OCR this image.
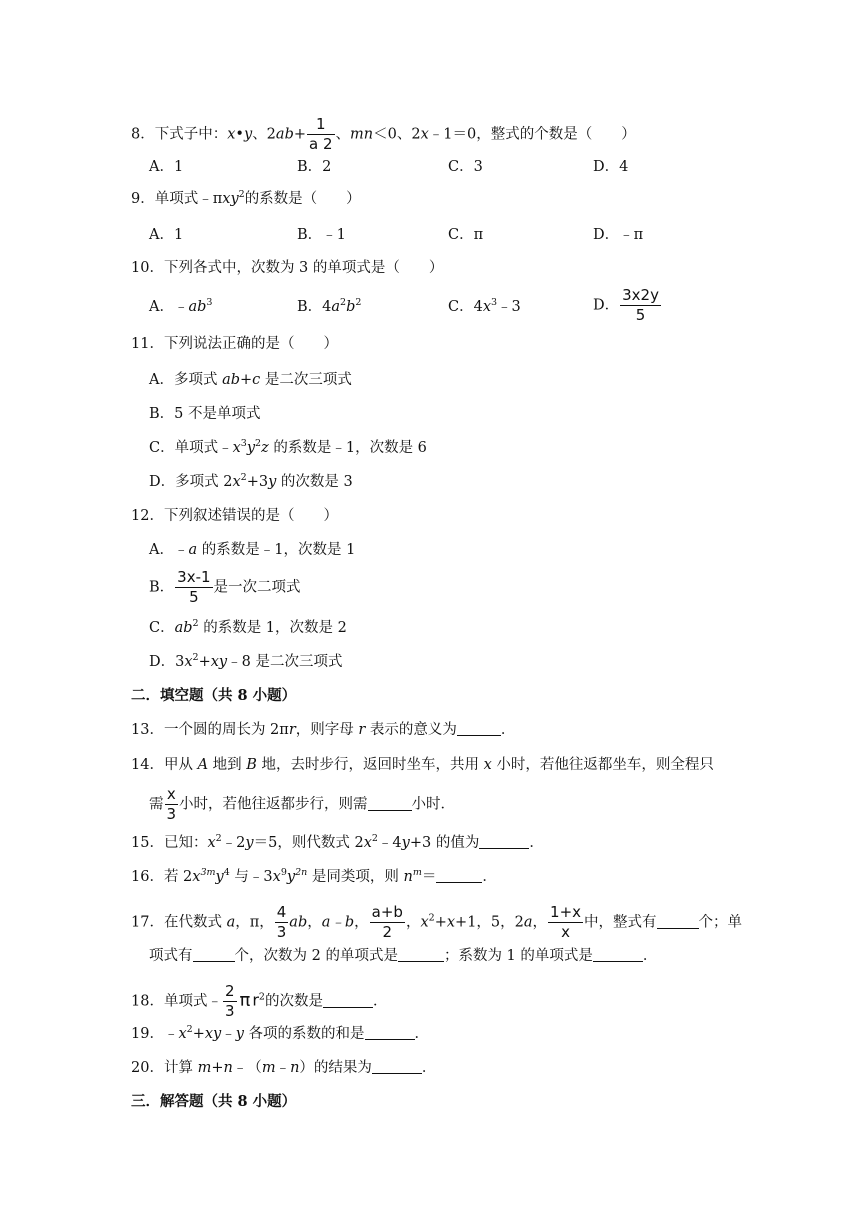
8．下式子中：x•y、$2ab+ \frac{1}{a 2}$ 、mn＜0、2x﹣1＝0，整式的个数是（　　）
A．1	B．2	C．3	D．4
9．单项式﹣πxy$^2$的系数是（　　）
A．1	B．﹣1	C．π	D．﹣π
10．下列各式中，次数为 3 的单项式是（　　）
A．$﹣ab^3$	B．$4a^2b^2$	C．$4x^3﹣3$	D． $\frac{3x2y}{5}$
11．下列说法正确的是（　　）
A．多项式 ab+c 是二次三项式
B．5 不是单项式
C．单项式$﹣x^3y^2z$ 的系数是﹣1，次数是 6
D．多项式 $2x^2+3y$ 的次数是 3
12．下列叙述错误的是（　　）
A．﹣a 的系数是﹣1，次数是 1
B． $\frac{3x-1}{5}$ 是一次二项式
C．$ab^2$ 的系数是 1，次数是 2
D．$3x^2+xy﹣8$ 是二次三项式
二．填空题（共 8 小题）
13．一个圆的周长为 2πr，则字母 r 表示的意义为	．
14．甲从 A 地到 B 地，去时步行，返回时坐车，共用 x 小时，若他往返都坐车，则全程只
需 $\frac{x}{3}$ 小时，若他往返都步行，则需	小时．
15．已知：$x^2﹣2y=5$，则代数式 $2x^2﹣4y+3$ 的值为	．
16．若 $2x^{3m}y^4$ 与$﹣3x^9y^{2n}$ 是同类项，则 $n^m=$	．
17．在代数式 a，π， $\frac{4}{3}$ ab，a﹣b， $\frac{a+b}{2}$ ，$x^2+x+1$，5，2a， $\frac{1+x}{x}$ 中，整式有	个；单
项式有	个，次数为 2 的单项式是	；系数为 1 的单项式是	．
18．单项式﹣ $\frac{2}{3}$ π $r^2$的次数是	．
19．$﹣x^2+xy﹣y$ 各项的系数的和是	．
20．计算 m+n﹣（m﹣n）的结果为	．
三．解答题（共 8 小题）
